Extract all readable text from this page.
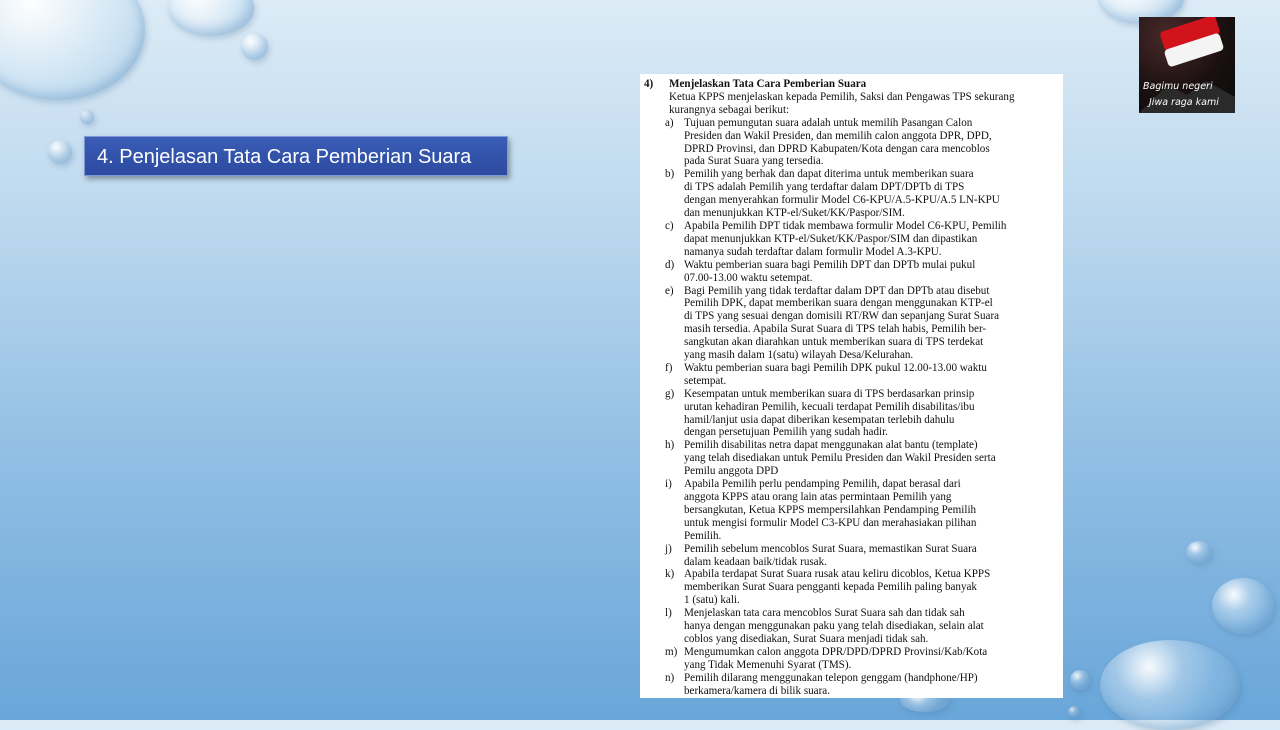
4. Penjelasan Tata Cara Pemberian Suara
Bagimu negeri
Jiwa raga kami
4) Menjelaskan Tata Cara Pemberian Suara
Ketua KPPS menjelaskan kepada Pemilih, Saksi dan Pengawas TPS sekurang kurangnya sebagai berikut:
a) Tujuan pemungutan suara adalah untuk memilih Pasangan Calon
Presiden dan Wakil Presiden, dan memilih calon anggota DPR, DPD,
DPRD Provinsi, dan DPRD Kabupaten/Kota dengan cara mencoblos
pada Surat Suara yang tersedia.
b) Pemilih yang berhak dan dapat diterima untuk memberikan suara
di TPS adalah Pemilih yang terdaftar dalam DPT/DPTb di TPS
dengan menyerahkan formulir Model C6-KPU/A.5-KPU/A.5 LN-KPU
dan menunjukkan KTP-el/Suket/KK/Paspor/SIM.
c) Apabila Pemilih DPT tidak membawa formulir Model C6-KPU, Pemilih
dapat menunjukkan KTP-el/Suket/KK/Paspor/SIM dan dipastikan
namanya sudah terdaftar dalam formulir Model A.3-KPU.
d) Waktu pemberian suara bagi Pemilih DPT dan DPTb mulai pukul
07.00-13.00 waktu setempat.
e) Bagi Pemilih yang tidak terdaftar dalam DPT dan DPTb atau disebut
Pemilih DPK, dapat memberikan suara dengan menggunakan KTP-el
di TPS yang sesuai dengan domisili RT/RW dan sepanjang Surat Suara
masih tersedia. Apabila Surat Suara di TPS telah habis, Pemilih ber-
sangkutan akan diarahkan untuk memberikan suara di TPS terdekat
yang masih dalam 1(satu) wilayah Desa/Kelurahan.
f)	Waktu pemberian suara bagi Pemilih DPK pukul 12.00-13.00 waktu
setempat.
g) Kesempatan untuk memberikan suara di TPS berdasarkan prinsip
urutan kehadiran Pemilih, kecuali terdapat Pemilih disabilitas/ibu
hamil/lanjut usia dapat diberikan kesempatan terlebih dahulu
dengan persetujuan Pemilih yang sudah hadir.
h) Pemilih disabilitas netra dapat menggunakan alat bantu (template)
yang telah disediakan untuk Pemilu Presiden dan Wakil Presiden serta
Pemilu anggota DPD
i)	Apabila Pemilih perlu pendamping Pemilih, dapat berasal dari
anggota KPPS atau orang lain atas permintaan Pemilih yang
bersangkutan, Ketua KPPS mempersilahkan Pendamping Pemilih
untuk mengisi formulir Model C3-KPU dan merahasiakan pilihan
Pemilih.
j)	Pemilih sebelum mencoblos Surat Suara, memastikan Surat Suara
dalam keadaan baik/tidak rusak.
k) Apabila terdapat Surat Suara rusak atau keliru dicoblos, Ketua KPPS
memberikan Surat Suara pengganti kepada Pemilih paling banyak
1 (satu) kali.
l)	Menjelaskan tata cara mencoblos Surat Suara sah dan tidak sah
hanya dengan menggunakan paku yang telah disediakan, selain alat
coblos yang disediakan, Surat Suara menjadi tidak sah.
m) Mengumumkan calon anggota DPR/DPD/DPRD Provinsi/Kab/Kota
yang Tidak Memenuhi Syarat (TMS).
n) Pemilih dilarang menggunakan telepon genggam (handphone/HP)
berkamera/kamera di bilik suara.
